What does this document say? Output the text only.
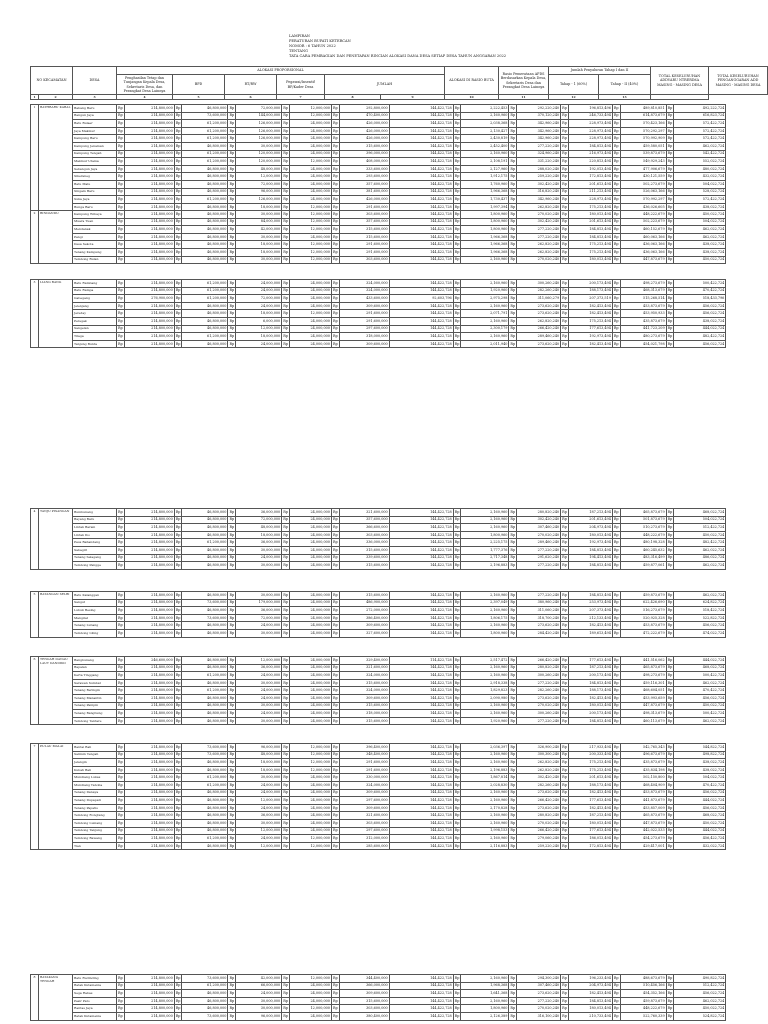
LAMPIRAN
PERATURAN BUPATI KETERCAN
NOMOR : 6 TAHUN 2022
TENTANG
TATA CARA PEMBAGIAN DAN PENETAPAN RINCIAN ALOKASI DANA DESA SETIAP DESA TAHUN ANGGARAN 2022
NO KECAMATAN		DESA	ALOKASI PROPORSIONAL						ALOKASI DI RASIO BUTA	Rasio Pemerataan APDS Berdasarkan Kepala Desa, Sekretaris Desa dan Perangkat Desa Lainnya	Jumlah Penyaluran Tahap I dan II		TOTAL KESELURUHAN ADDVARU NTRERIMA MASING - MASING DESA	TOTAL KESELURUHAN PENGANGGARAN ADD MASING - MASING DESA
			Penghasilan Tetap dan Tunjangan Kepala Desa, Sekretaris Desa, dan Perangkat Desa Lainnya	BPD	RT/RW	Pegawai/Insentif BP/Kader Desa	JUMLAH				Tahap - 1 (60%)	Tahap - II (40%)		

1	2	3	4	5	6	7	8	9	10	11	12	13		
1	BATHBARU KABAL	Babang Baru	Rp	214,800,000	Rp	46,800,000	Rp	72,000,000	Rp	12,000,000	Rp	292,800,000	144,422,728	Rp	2,222,453	Rp	292,220,240	Rp	196,813,496	Rp	489,810,851	Rp	492,222,724
		Bangun Jaya	Rp	214,800,000	Rp	73,600,000	Rp	144,000,000	Rp	12,000,000	Rp	470,400,000	144,422,728	Rp	2,160,960	Rp	370,120,240	Rp	246,733,494	Rp	614,873,679	Rp	616,823,724
		Batu Bulaer	Rp	214,800,000	Rp	61,200,000	Rp	126,000,000	Rp	24,000,000	Rp	426,000,000	144,422,728	Rp	2,038,368	Rp	342,960,240	Rp	228,973,494	Rp	570,423,166	Rp	572,422,724
		Jaya Makmur	Rp	214,800,000	Rp	61,200,000	Rp	126,000,000	Rp	24,000,000	Rp	426,000,000	144,422,728	Rp	2,130,427	Rp	342,960,240	Rp	228,973,494	Rp	570,292,297	Rp	572,422,724
		Kampung Baru	Rp	214,800,000	Rp	61,200,000	Rp	126,000,000	Rp	24,000,000	Rp	426,000,000	144,422,728	Rp	2,430,819	Rp	342,960,240	Rp	228,973,494	Rp	570,992,909	Rp	572,422,724
		Kampung Jenaman	Rp	214,800,000	Rp	46,800,000	Rp	30,000,000	Rp	24,000,000	Rp	315,600,000	144,422,728	Rp	2,452,400	Rp	277,220,240	Rp	184,813,494	Rp	459,580,051	Rp	462,022,724
		Kampung Tengah	Rp	214,800,000	Rp	61,200,000	Rp	120,000,000	Rp	24,000,000	Rp	396,000,000	144,422,728	Rp	2,160,960	Rp	324,960,240	Rp	216,973,494	Rp	539,873,679	Rp	542,422,724
		Makmur Utama	Rp	214,800,000	Rp	61,200,000	Rp	120,000,000	Rp	12,000,000	Rp	408,000,000	144,422,728	Rp	2,108,191	Rp	331,220,240	Rp	220,813,494	Rp	549,929,243	Rp	552,022,724
		Sebangun Jaya	Rp	214,800,000	Rp	46,800,000	Rp	48,000,000	Rp	24,000,000	Rp	333,600,000	144,422,728	Rp	2,127,960	Rp	288,020,240	Rp	192,013,494	Rp	477,906,679	Rp	480,022,724
		Sikeraneg	Rp	214,800,000	Rp	46,800,000	Rp	12,000,000	Rp	24,000,000	Rp	293,600,000	144,422,728	Rp	1,912,175	Rp	259,220,240	Rp	172,813,494	Rp	430,121,559	Rp	432,022,724
		Batu Malu	Rp	214,800,000	Rp	46,800,000	Rp	72,000,000	Rp	24,000,000	Rp	357,600,000	144,422,728	Rp	1,760,960	Rp	302,420,240	Rp	201,613,494	Rp	502,273,679	Rp	504,022,724
		Singam Baru	Rp	214,800,000	Rp	46,800,000	Rp	96,000,000	Rp	24,000,000	Rp	381,600,000	144,422,728	Rp	1,966,368	Rp	316,820,240	Rp	211,213,494	Rp	526,063,166	Rp	528,022,724
		Suka Jaya	Rp	214,800,000	Rp	61,200,000	Rp	126,000,000	Rp	24,000,000	Rp	426,000,000	144,422,728	Rp	1,730,437	Rp	342,960,240	Rp	228,973,494	Rp	570,992,297	Rp	572,422,724
		Bunga Baru	Rp	214,800,000	Rp	46,800,000	Rp	18,000,000	Rp	12,000,000	Rp	291,600,000	144,422,728	Rp	1,997,394	Rp	262,820,240	Rp	175,213,494	Rp	436,026,605	Rp	438,022,724
2	BINDANDU	Kampung Wibaya	Rp	214,800,000	Rp	46,800,000	Rp	30,000,000	Rp	12,000,000	Rp	303,600,000	144,422,728	Rp	1,800,960	Rp	270,020,240	Rp	180,013,494	Rp	448,222,679	Rp	450,022,724
		Muara Tuan	Rp	214,800,000	Rp	46,800,000	Rp	84,000,000	Rp	12,000,000	Rp	357,600,000	144,422,728	Rp	1,800,960	Rp	302,420,240	Rp	201,613,494	Rp	502,223,679	Rp	504,022,724
		Mendanak	Rp	214,800,000	Rp	46,800,000	Rp	42,000,000	Rp	12,000,000	Rp	315,600,000	144,422,728	Rp	1,800,960	Rp	277,220,240	Rp	184,813,494	Rp	460,152,679	Rp	462,022,724
		Pangi	Rp	214,800,000	Rp	46,800,000	Rp	30,000,000	Rp	24,000,000	Rp	315,600,000	144,422,728	Rp	1,966,368	Rp	277,220,240	Rp	184,813,494	Rp	460,063,166	Rp	462,022,724
		Desa Sekota	Rp	214,800,000	Rp	46,800,000	Rp	18,000,000	Rp	12,000,000	Rp	291,600,000	144,422,728	Rp	1,966,368	Rp	262,820,240	Rp	175,213,494	Rp	436,063,166	Rp	438,022,724
		Tenang Kampung	Rp	214,800,000	Rp	46,800,000	Rp	18,000,000	Rp	12,000,000	Rp	291,600,000	144,422,728	Rp	1,966,368	Rp	262,820,240	Rp	175,213,494	Rp	436,063,166	Rp	438,022,724
		Tembong Bulan	Rp	214,800,000	Rp	46,800,000	Rp	30,000,000	Rp	12,000,000	Rp	303,600,000	144,422,728	Rp	2,160,960	Rp	270,020,240	Rp	180,013,494	Rp	447,873,679	Rp	450,022,724
3	LIANG BANG	Batu Rambang	Rp	214,800,000	Rp	61,200,000	Rp	24,000,000	Rp	24,000,000	Rp	324,000,000	144,422,728	Rp	2,160,960	Rp	300,260,240	Rp	200,173,494	Rp	498,273,679	Rp	500,422,724
		Batu Rampa	Rp	214,800,000	Rp	61,200,000	Rp	24,000,000	Rp	24,000,000	Rp	324,000,000	144,422,728	Rp	1,920,960	Rp	282,260,240	Rp	188,173,494	Rp	468,313,679	Rp	470,422,724
		Gabegang	Rp	276,900,000	Rp	61,200,000	Rp	72,000,000	Rp	24,000,000	Rp	433,600,000	92,603,796	Rp	2,975,298	Rp	311,060,279	Rp	207,373,519	Rp	515,268,514	Rp	518,433,796
		Jelenjang	Rp	214,800,000	Rp	46,800,000	Rp	24,000,000	Rp	24,000,000	Rp	309,600,000	144,422,728	Rp	2,160,960	Rp	273,620,240	Rp	182,413,494	Rp	453,873,679	Rp	456,022,724
		Jereday	Rp	214,800,000	Rp	46,800,000	Rp	18,000,000	Rp	12,000,000	Rp	291,600,000	144,422,728	Rp	2,071,791	Rp	273,620,240	Rp	182,413,494	Rp	453,950,933	Rp	456,022,724
		Peregak	Rp	214,800,000	Rp	46,800,000	Rp	6,000,000	Rp	24,000,000	Rp	291,600,000	144,422,728	Rp	2,160,960	Rp	262,820,240	Rp	175,213,494	Rp	435,873,679	Rp	438,022,724
		Sangelan	Rp	214,800,000	Rp	46,800,000	Rp	12,000,000	Rp	24,000,000	Rp	297,600,000	144,422,728	Rp	2,300,179	Rp	266,420,240	Rp	177,613,494	Rp	441,723,209	Rp	444,022,724
		Tilaga	Rp	214,800,000	Rp	61,200,000	Rp	18,000,000	Rp	24,000,000	Rp	318,000,000	144,422,728	Rp	2,160,960	Rp	289,460,240	Rp	192,973,494	Rp	480,273,679	Rp	482,422,724
		Tanjung Bunta	Rp	214,800,000	Rp	46,800,000	Rp	24,000,000	Rp	24,000,000	Rp	309,600,000	144,422,728	Rp	2,011,940	Rp	273,620,240	Rp	182,413,494	Rp	454,021,798	Rp	456,022,724
4	TANJU PISANGAN	Bumbunang	Rp	214,800,000	Rp	46,800,000	Rp	36,000,000	Rp	24,000,000	Rp	321,600,000	144,422,728	Rp	2,160,960	Rp	280,820,240	Rp	187,213,494	Rp	465,873,679	Rp	468,022,724
		Bayang Baru	Rp	214,800,000	Rp	46,800,000	Rp	72,000,000	Rp	24,000,000	Rp	357,600,000	144,422,728	Rp	2,160,960	Rp	302,420,240	Rp	201,613,494	Rp	501,873,679	Rp	504,022,724
		Lintak Baram	Rp	214,800,000	Rp	46,800,000	Rp	48,000,000	Rp	24,000,000	Rp	366,600,000	144,422,728	Rp	2,160,960	Rp	307,460,240	Rp	204,973,494	Rp	510,273,679	Rp	512,422,724
		Lintak Ibo	Rp	214,800,000	Rp	46,800,000	Rp	18,000,000	Rp	24,000,000	Rp	303,600,000	144,422,728	Rp	1,800,960	Rp	270,020,240	Rp	180,013,494	Rp	448,222,679	Rp	450,022,724
		Paus Bahandang	Rp	214,800,000	Rp	61,200,000	Rp	36,000,000	Rp	24,000,000	Rp	336,000,000	144,422,728	Rp	2,225,175	Rp	289,460,240	Rp	192,973,494	Rp	480,198,328	Rp	482,422,724
		Sabagiri	Rp	214,800,000	Rp	46,800,000	Rp	30,000,000	Rp	24,000,000	Rp	315,600,000	144,422,728	Rp	1,777,376	Rp	277,220,240	Rp	184,813,494	Rp	460,245,632	Rp	462,022,724
		Tenang Selagang	Rp	214,800,000	Rp	46,800,000	Rp	24,000,000	Rp	24,000,000	Rp	339,600,000	144,422,728	Rp	2,717,348	Rp	291,620,240	Rp	194,413,494	Rp	483,316,499	Rp	486,022,724
		Tembong Pangge	Rp	214,800,000	Rp	46,800,000	Rp	30,000,000	Rp	24,000,000	Rp	315,600,000	144,422,728	Rp	2,196,883	Rp	277,220,240	Rp	184,813,494	Rp	459,877,061	Rp	462,022,724
5	BATANGAN SELBI	Batu Kalanggan	Rp	214,800,000	Rp	46,800,000	Rp	30,000,000	Rp	24,000,000	Rp	315,600,000	144,422,728	Rp	2,160,960	Rp	277,220,240	Rp	184,813,494	Rp	459,873,679	Rp	462,022,724
		Sangut	Rp	214,800,000	Rp	73,600,000	Rp	179,000,000	Rp	24,000,000	Rp	486,900,000	144,422,728	Rp	2,397,049	Rp	380,960,240	Rp	253,973,494	Rp	622,426,690	Rp	624,822,724
		Lubuk Besing	Rp	214,800,000	Rp	46,800,000	Rp	36,000,000	Rp	24,000,000	Rp	272,000,000	144,422,728	Rp	2,160,960	Rp	311,060,240	Rp	207,373,494	Rp	516,273,679	Rp	518,422,724
		Mangilat	Rp	214,800,000	Rp	73,600,000	Rp	72,000,000	Rp	24,000,000	Rp	386,400,000	144,422,728	Rp	1,806,175	Rp	318,700,240	Rp	212,133,494	Rp	520,925,328	Rp	522,822,724
		Tenang Lubang	Rp	214,800,000	Rp	46,800,000	Rp	24,000,000	Rp	24,000,000	Rp	309,600,000	144,422,728	Rp	2,160,960	Rp	273,620,240	Rp	182,413,494	Rp	453,873,679	Rp	456,022,724
		Tembong Liling	Rp	214,800,000	Rp	46,800,000	Rp	30,000,000	Rp	24,000,000	Rp	327,600,000	144,422,728	Rp	1,800,960	Rp	284,420,240	Rp	189,613,494	Rp	472,222,679	Rp	474,022,724
6	TENGAH DANAU LAUT DANDIKO	Bangbunang	Rp	246,600,000	Rp	46,800,000	Rp	12,000,000	Rp	24,000,000	Rp	329,400,000	114,422,728	Rp	2,517,472	Rp	266,420,240	Rp	177,613,494	Rp	441,516,062	Rp	444,022,724
		Bapalan	Rp	214,800,000	Rp	46,800,000	Rp	36,000,000	Rp	24,000,000	Rp	321,600,000	144,422,728	Rp	2,160,960	Rp	280,820,240	Rp	187,213,494	Rp	465,873,679	Rp	468,022,724
		Kerta Tinggang	Rp	214,800,000	Rp	61,200,000	Rp	24,000,000	Rp	24,000,000	Rp	324,000,000	144,422,728	Rp	2,160,960	Rp	300,260,240	Rp	200,173,494	Rp	498,273,679	Rp	500,422,724
		Sarawan Sumbat	Rp	214,800,000	Rp	46,800,000	Rp	30,000,000	Rp	24,000,000	Rp	315,600,000	144,422,728	Rp	2,918,338	Rp	277,220,240	Rp	184,813,494	Rp	459,116,301	Rp	462,022,724
		Tenang Beringin	Rp	214,800,000	Rp	61,200,000	Rp	24,000,000	Rp	24,000,000	Rp	324,000,000	144,422,728	Rp	1,829,823	Rp	282,260,240	Rp	188,173,494	Rp	468,604,051	Rp	470,422,724
		Tenang Manantin	Rp	214,800,000	Rp	46,800,000	Rp	24,000,000	Rp	24,000,000	Rp	309,600,000	144,422,728	Rp	2,090,980	Rp	273,620,240	Rp	182,413,494	Rp	453,993,659	Rp	456,022,724
		Tenang Panipin	Rp	214,800,000	Rp	46,800,000	Rp	30,000,000	Rp	24,000,000	Rp	315,600,000	144,422,728	Rp	2,160,960	Rp	270,020,240	Rp	180,013,494	Rp	447,873,679	Rp	450,022,724
		Tenang Bangbung	Rp	214,800,000	Rp	46,800,000	Rp	24,000,000	Rp	24,000,000	Rp	318,000,000	144,422,728	Rp	2,160,960	Rp	300,260,240	Rp	200,173,494	Rp	498,313,679	Rp	500,422,724
		Tembong Tentare	Rp	214,800,000	Rp	46,800,000	Rp	30,000,000	Rp	24,000,000	Rp	315,600,000	144,422,728	Rp	1,920,960	Rp	277,220,240	Rp	184,813,494	Rp	460,113,679	Rp	462,022,724
7	PULAU MALAI	Bantai Bali	Rp	214,800,000	Rp	73,600,000	Rp	96,000,000	Rp	12,000,000	Rp	396,400,000	144,422,728	Rp	2,036,397	Rp	326,900,240	Rp	217,933,494	Rp	542,765,343	Rp	544,822,724
		Salimin Tengah	Rp	214,800,000	Rp	73,600,000	Rp	48,000,000	Rp	12,000,000	Rp	348,400,000	144,422,728	Rp	2,160,960	Rp	300,300,240	Rp	200,333,494	Rp	496,673,679	Rp	498,822,724
		Jelangin	Rp	214,800,000	Rp	46,800,000	Rp	18,000,000	Rp	12,000,000	Rp	291,600,000	144,422,728	Rp	2,160,960	Rp	262,820,240	Rp	175,213,494	Rp	435,873,679	Rp	438,022,724
		Kubah Bali	Rp	214,800,000	Rp	46,800,000	Rp	18,000,000	Rp	12,000,000	Rp	291,600,000	144,422,728	Rp	2,196,883	Rp	262,820,240	Rp	175,213,494	Rp	435,834,198	Rp	438,022,724
		Mundiang Lukas	Rp	214,800,000	Rp	61,200,000	Rp	30,000,000	Rp	24,000,000	Rp	330,000,000	144,422,728	Rp	1,867,814	Rp	302,420,240	Rp	201,613,494	Rp	502,150,800	Rp	504,022,724
		Mundiang Taboha	Rp	214,800,000	Rp	61,200,000	Rp	24,000,000	Rp	24,000,000	Rp	324,000,000	144,422,728	Rp	2,028,830	Rp	282,260,240	Rp	188,173,494	Rp	468,404,909	Rp	470,422,724
		Tenang Danaya	Rp	214,800,000	Rp	46,800,000	Rp	24,000,000	Rp	24,000,000	Rp	309,600,000	144,422,728	Rp	2,160,960	Rp	273,620,240	Rp	182,413,494	Rp	453,873,679	Rp	456,022,724
		Tenang Dupapati	Rp	214,800,000	Rp	46,800,000	Rp	12,000,000	Rp	24,000,000	Rp	297,600,000	144,422,728	Rp	2,160,960	Rp	266,420,240	Rp	177,613,494	Rp	441,873,679	Rp	444,022,724
		Tenang Papatis	Rp	214,800,000	Rp	46,800,000	Rp	24,000,000	Rp	24,000,000	Rp	309,600,000	144,422,728	Rp	2,170,828	Rp	273,620,240	Rp	182,413,494	Rp	453,857,009	Rp	456,022,724
		Tembong Rongtang	Rp	214,800,000	Rp	46,800,000	Rp	36,000,000	Rp	24,000,000	Rp	321,600,000	144,422,728	Rp	2,160,960	Rp	280,820,240	Rp	187,213,494	Rp	465,873,679	Rp	468,022,724
		Tembong Lumang	Rp	214,800,000	Rp	46,800,000	Rp	30,000,000	Rp	24,000,000	Rp	303,600,000	144,422,728	Rp	2,160,960	Rp	270,020,240	Rp	180,013,494	Rp	447,873,679	Rp	450,022,724
		Tembong Tanjung	Rp	214,800,000	Rp	46,800,000	Rp	12,000,000	Rp	24,000,000	Rp	297,600,000	144,422,728	Rp	1,998,153	Rp	266,420,240	Rp	177,613,494	Rp	442,022,533	Rp	444,022,724
		Tembong Bawang	Rp	214,800,000	Rp	61,200,000	Rp	24,000,000	Rp	12,000,000	Rp	312,000,000	144,422,728	Rp	2,160,960	Rp	279,060,240	Rp	186,013,494	Rp	454,273,679	Rp	456,422,724
		Tian	Rp	214,800,000	Rp	46,800,000	Rp	12,000,000	Rp	12,000,000	Rp	285,600,000	144,422,728	Rp	2,116,883	Rp	259,220,240	Rp	172,813,494	Rp	429,417,001	Rp	432,022,724
8	BATAKANG TENGAH	Batu Rudinding	Rp	214,800,000	Rp	73,600,000	Rp	42,000,000	Rp	12,000,000	Rp	344,400,000	144,422,728	Rp	2,160,960	Rp	294,300,240	Rp	196,233,494	Rp	488,673,679	Rp	490,822,724
		Batak Kutamenia	Rp	214,800,000	Rp	61,200,000	Rp	66,000,000	Rp	24,000,000	Rp	366,000,000	144,422,728	Rp	1,968,368	Rp	307,460,240	Rp	204,973,494	Rp	510,456,166	Rp	512,422,724
		Sega Rabas	Rp	214,800,000	Rp	46,800,000	Rp	24,000,000	Rp	24,000,000	Rp	309,600,000	144,422,728	Rp	1,641,368	Rp	273,620,240	Rp	182,413,494	Rp	454,352,166	Rp	456,022,724
		Pasir Pato	Rp	214,800,000	Rp	46,800,000	Rp	30,000,000	Rp	24,000,000	Rp	315,600,000	144,422,728	Rp	2,160,960	Rp	277,220,240	Rp	184,813,494	Rp	459,873,679	Rp	462,022,724
		Rantas Jaya	Rp	214,800,000	Rp	46,800,000	Rp	30,000,000	Rp	12,000,000	Rp	303,600,000	144,422,728	Rp	1,800,960	Rp	270,020,240	Rp	180,013,494	Rp	448,222,679	Rp	450,022,724
		Batak Kutamenia	Rp	214,800,000	Rp	73,600,000	Rp	96,000,000	Rp	24,000,000	Rp	380,400,000	144,422,728	Rp	2,126,389	Rp	316,100,240	Rp	210,733,494	Rp	522,760,339	Rp	524,822,724
